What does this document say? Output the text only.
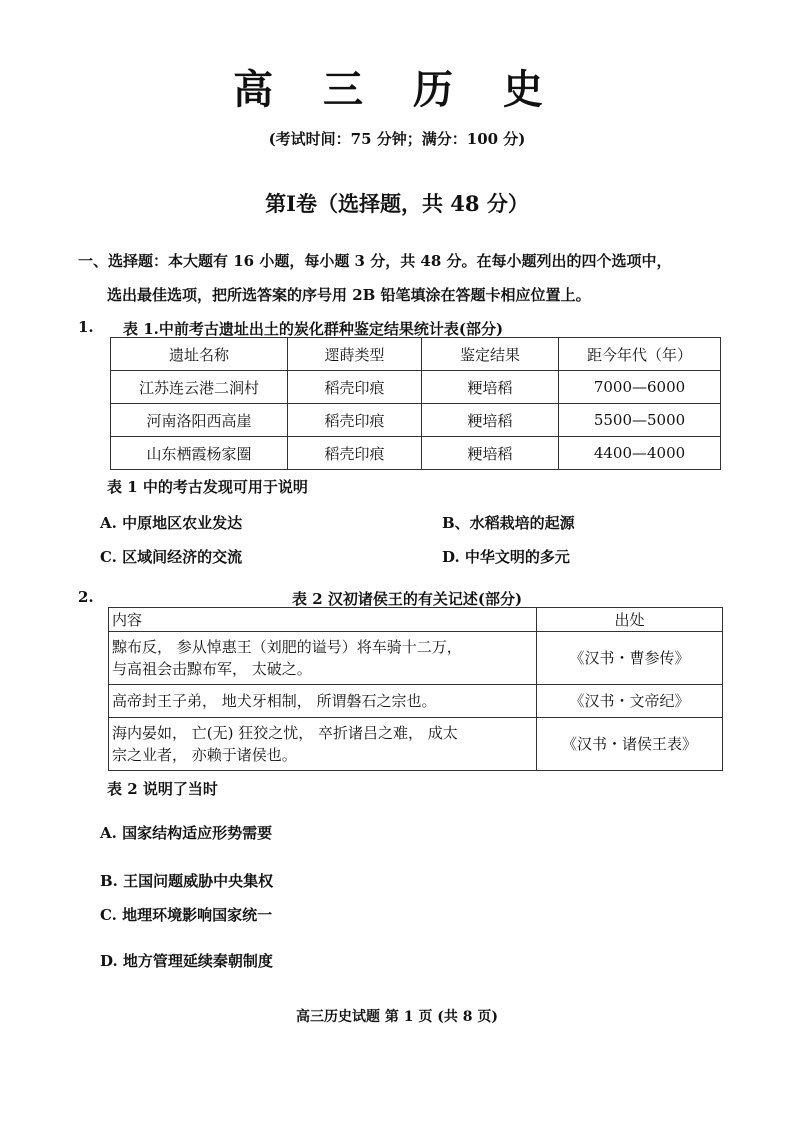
高 三 历 史
(考试时间：75 分钟；满分：100 分)
第Ⅰ卷（选择题，共 48 分）
一、选择题：本大题有 16 小题，每小题 3 分，共 48 分。在每小题列出的四个选项中，
选出最佳选项，把所选答案的序号用 2B 铅笔填涂在答题卡相应位置上。
1. 表 1.中前考古遗址出土的炭化群种鉴定结果统计表(部分)
遗址名称	遝蒔类型	鉴定结果	距今年代（年）
江苏连云港二涧村	稻壳印痕	粳培稻	7000—6000
河南洛阳西高崖	稻壳印痕	粳培稻	5500—5000
山东栖霞杨家圈	稻壳印痕	粳培稻	4400—4000
表 1 中的考古发现可用于说明
A. 中原地区农业发达	B、水稻栽培的起源
C. 区域间经济的交流	D. 中华文明的多元
2.	表 2 汉初诸侯王的有关记述(部分)
内容	出处

黥布反， 参从悼惠王（刘肥的谥号）将车骑十二万，
与高祖会击黥布军， 太破之。	《汉书・曹参传》

高帝封王子弟， 地犬牙相制， 所谓磐石之宗也。	《汉书・文帝纪》

海内晏如， 亡(无) 狂狡之忧， 卒折诸吕之难， 成太
宗之业者， 亦赖于诸侯也。	《汉书・诸侯王表》
表 2 说明了当时
A. 国家结构适应形势需要
B. 王国问题威胁中央集权
C. 地理环境影响国家统一
D. 地方管理延续秦朝制度
高三历史试题 第 1 页 (共 8 页)
